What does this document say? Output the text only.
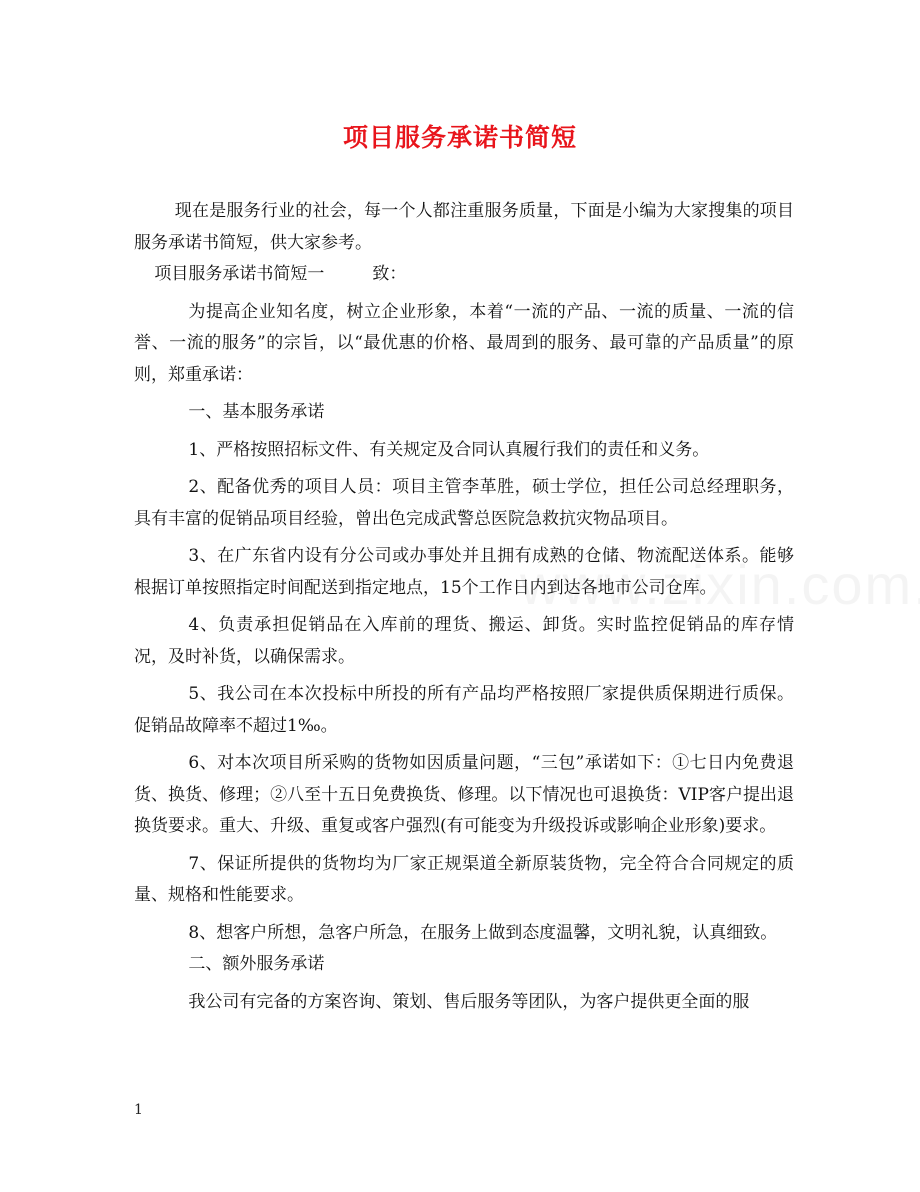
项目服务承诺书简短

现在是服务行业的社会，每一个人都注重服务质量，下面是小编为大家搜集的项目服务承诺书简短，供大家参考。

项目服务承诺书简短一	致：

为提高企业知名度，树立企业形象，本着“一流的产品、一流的质量、一流的信誉、一流的服务”的宗旨，以“最优惠的价格、最周到的服务、最可靠的产品质量”的原则，郑重承诺：

一、基本服务承诺

1、严格按照招标文件、有关规定及合同认真履行我们的责任和义务。

2、配备优秀的项目人员：项目主管李革胜，硕士学位，担任公司总经理职务，具有丰富的促销品项目经验，曾出色完成武警总医院急救抗灾物品项目。

3、在广东省内设有分公司或办事处并且拥有成熟的仓储、物流配送体系。能够根据订单按照指定时间配送到指定地点，15个工作日内到达各地市公司仓库。

4、负责承担促销品在入库前的理货、搬运、卸货。实时监控促销品的库存情况，及时补货，以确保需求。

5、我公司在本次投标中所投的所有产品均严格按照厂家提供质保期进行质保。促销品故障率不超过1‰。

6、对本次项目所采购的货物如因质量问题，“三包”承诺如下：①七日内免费退货、换货、修理；②八至十五日免费换货、修理。以下情况也可退换货：VIP客户提出退换货要求。重大、升级、重复或客户强烈(有可能变为升级投诉或影响企业形象)要求。

7、保证所提供的货物均为厂家正规渠道全新原装货物，完全符合合同规定的质量、规格和性能要求。

8、想客户所想，急客户所急，在服务上做到态度温馨，文明礼貌，认真细致。

二、额外服务承诺

我公司有完备的方案咨询、策划、售后服务等团队，为客户提供更全面的服

1
